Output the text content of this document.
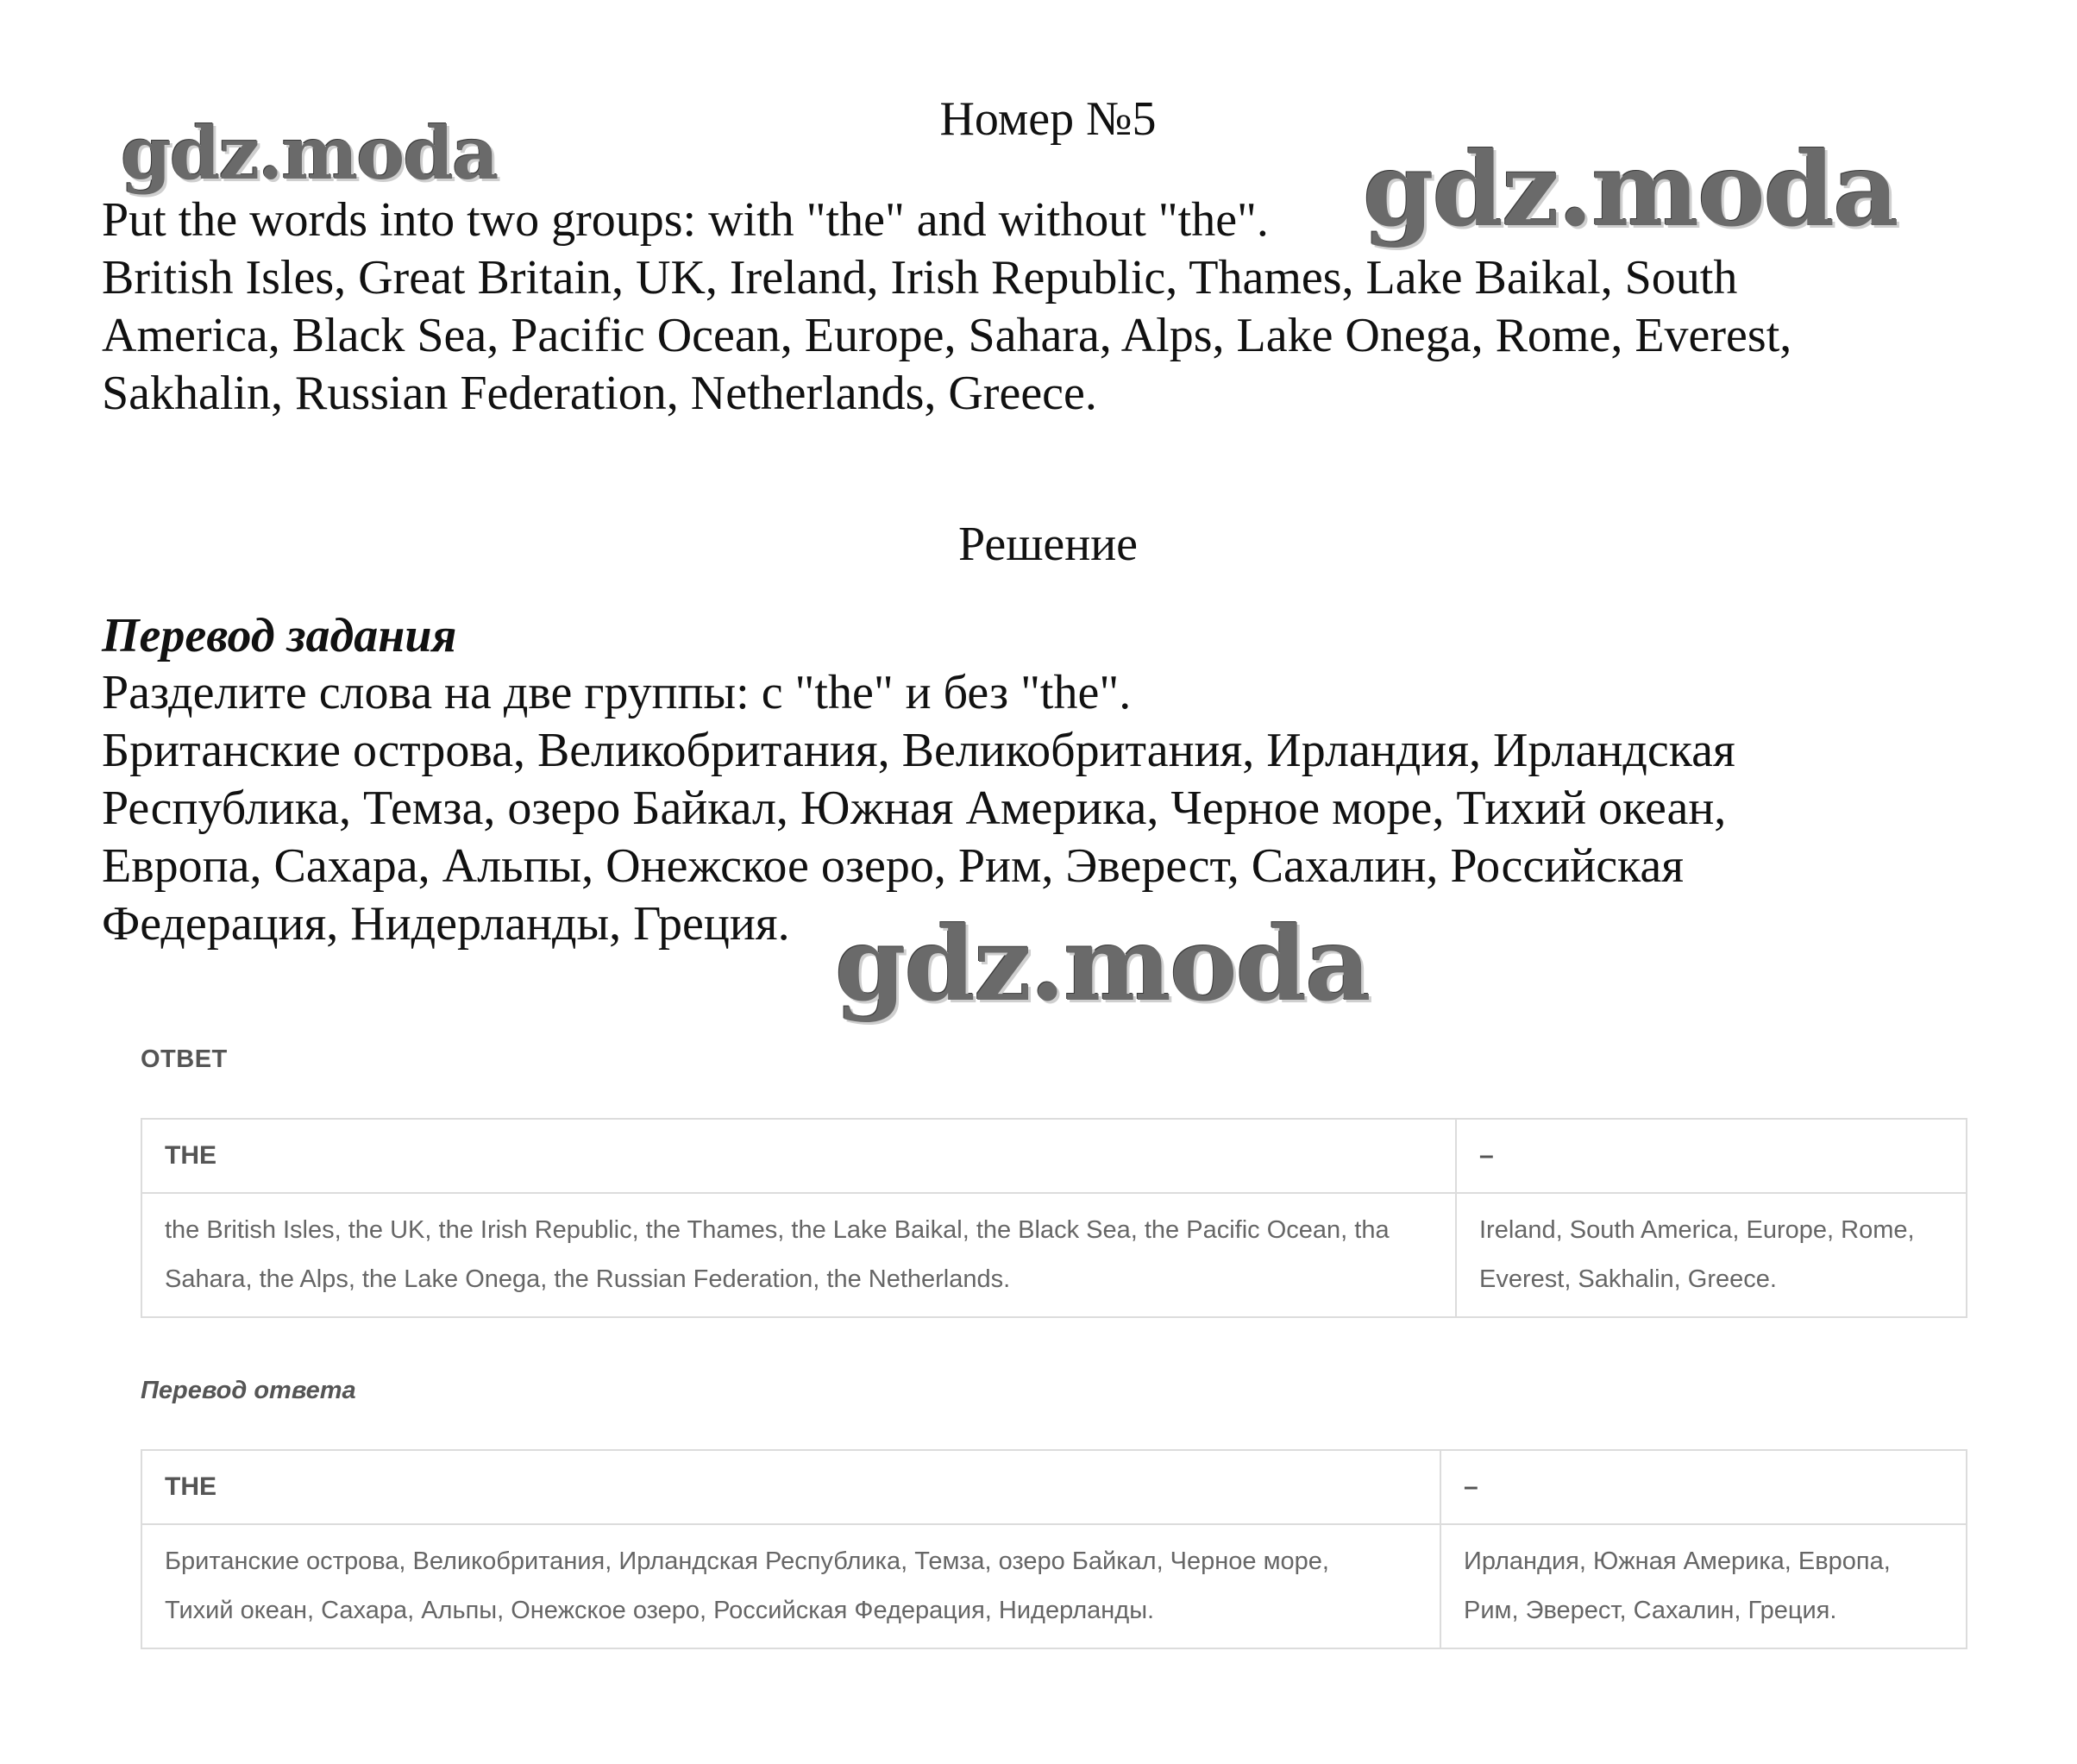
Номер №5
Put the words into two groups: with "the" and without "the".
British Isles, Great Britain, UK, Ireland, Irish Republic, Thames, Lake Baikal, South
America, Black Sea, Pacific Ocean, Europe, Sahara, Alps, Lake Onega, Rome, Everest,
Sakhalin, Russian Federation, Netherlands, Greece.
Решение
Перевод задания
Разделите слова на две группы: с "the" и без "the".
Британские острова, Великобритания, Великобритания, Ирландия, Ирландская
Республика, Темза, озеро Байкал, Южная Америка, Черное море, Тихий океан,
Европа, Сахара, Альпы, Онежское озеро, Рим, Эверест, Сахалин, Российская
Федерация, Нидерланды, Греция.
ОТВЕТ
THE	–

the British Isles, the UK, the Irish Republic, the Thames, the Lake Baikal, the Black Sea, the Pacific Ocean, tha
Sahara, the Alps, the Lake Onega, the Russian Federation, the Netherlands.	Ireland, South America, Europe, Rome,
Everest, Sakhalin, Greece.
Перевод ответа
THE	–

Британские острова, Великобритания, Ирландская Республика, Темза, озеро Байкал, Черное море,
Тихий океан, Сахара, Альпы, Онежское озеро, Российская Федерация, Нидерланды.	Ирландия, Южная Америка, Европа,
Рим, Эверест, Сахалин, Греция.
gdz.moda	gdz.moda
gdz.moda
